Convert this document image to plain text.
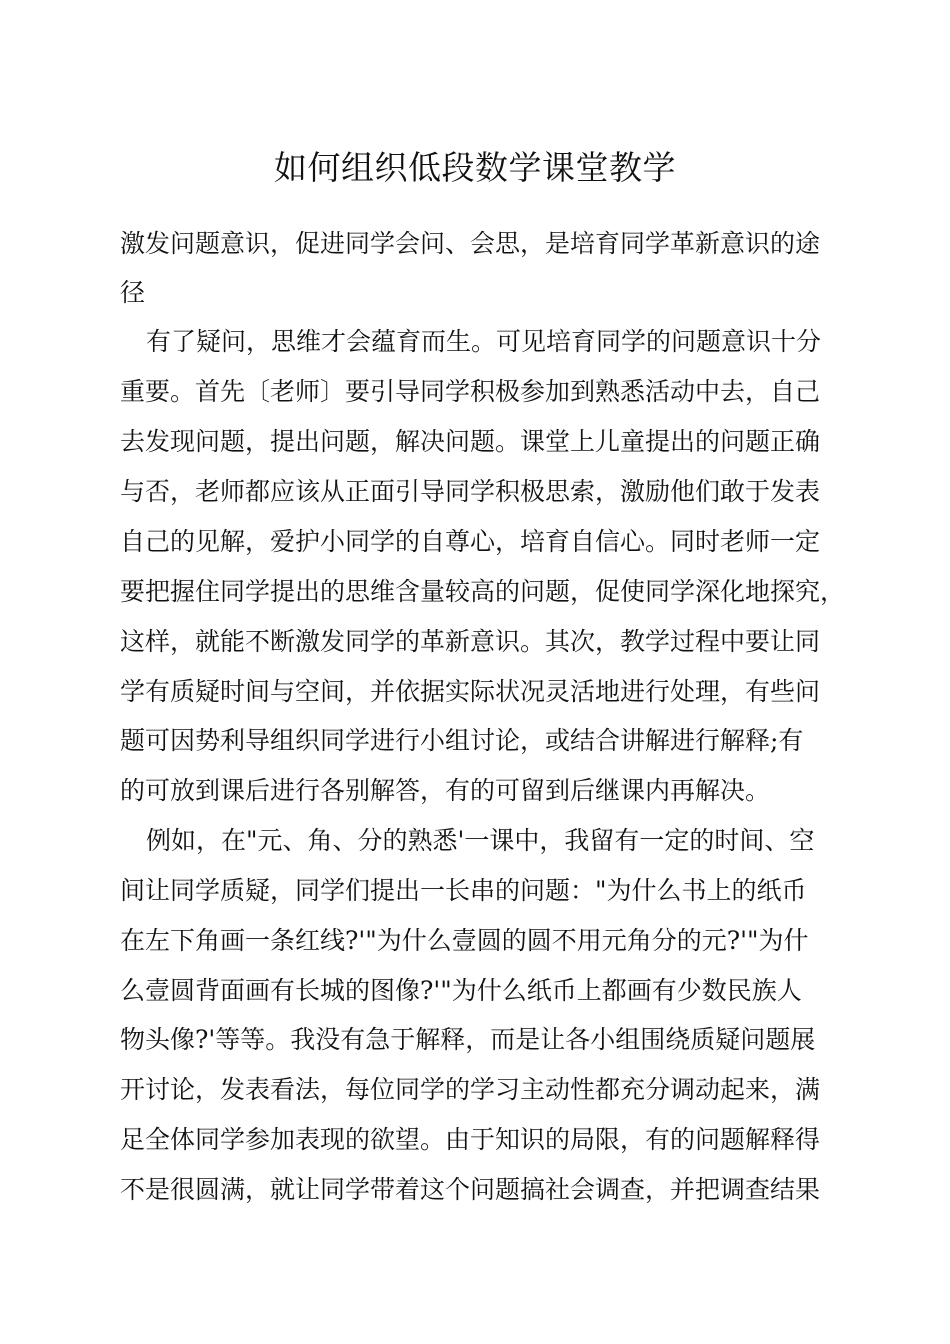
如何组织低段数学课堂教学

激发问题意识，促进同学会问、会思，是培育同学革新意识的途

径

有了疑问，思维才会蕴育而生。可见培育同学的问题意识十分

重要。首先〔老师〕要引导同学积极参加到熟悉活动中去，自己

去发现问题，提出问题，解决问题。课堂上儿童提出的问题正确

与否，老师都应该从正面引导同学积极思索，激励他们敢于发表

自己的见解，爱护小同学的自尊心，培育自信心。同时老师一定

要把握住同学提出的思维含量较高的问题，促使同学深化地探究，

这样，就能不断激发同学的革新意识。其次，教学过程中要让同

学有质疑时间与空间，并依据实际状况灵活地进行处理，有些问

题可因势利导组织同学进行小组讨论，或结合讲解进行解释;有

的可放到课后进行各别解答，有的可留到后继课内再解决。

例如，在"元、角、分的熟悉'一课中，我留有一定的时间、空

间让同学质疑，同学们提出一长串的问题："为什么书上的纸币

在左下角画一条红线?'"为什么壹圆的圆不用元角分的元?'"为什

么壹圆背面画有长城的图像?'"为什么纸币上都画有少数民族人

物头像?'等等。我没有急于解释，而是让各小组围绕质疑问题展

开讨论，发表看法，每位同学的学习主动性都充分调动起来，满

足全体同学参加表现的欲望。由于知识的局限，有的问题解释得

不是很圆满，就让同学带着这个问题搞社会调查，并把调查结果
